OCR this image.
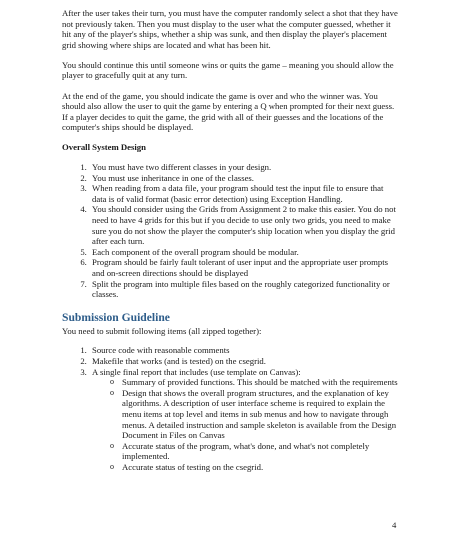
After the user takes their turn, you must have the computer randomly select a shot that they have not previously taken. Then you must display to the user what the computer guessed, whether it hit any of the player's ships, whether a ship was sunk, and then display the player's placement grid showing where ships are located and what has been hit.

You should continue this until someone wins or quits the game – meaning you should allow the player to gracefully quit at any turn.

At the end of the game, you should indicate the game is over and who the winner was. You should also allow the user to quit the game by entering a Q when prompted for their next guess. If a player decides to quit the game, the grid with all of their guesses and the locations of the computer's ships should be displayed.

Overall System Design
1. You must have two different classes in your design.
2. You must use inheritance in one of the classes.
3. When reading from a data file, your program should test the input file to ensure that data is of valid format (basic error detection) using Exception Handling.
4. You should consider using the Grids from Assignment 2 to make this easier. You do not need to have 4 grids for this but if you decide to use only two grids, you need to make sure you do not show the player the computer's ship location when you display the grid after each turn.
5. Each component of the overall program should be modular.
6. Program should be fairly fault tolerant of user input and the appropriate user prompts and on-screen directions should be displayed
7. Split the program into multiple files based on the roughly categorized functionality or classes.
Submission Guideline

You need to submit following items (all zipped together):

1. Source code with reasonable comments
2. Makefile that works (and is tested) on the csegrid.
3. A single final report that includes (use template on Canvas):
o Summary of provided functions. This should be matched with the requirements
o Design that shows the overall program structures, and the explanation of key algorithms. A description of user interface scheme is required to explain the menu items at top level and items in sub menus and how to navigate through menus. A detailed instruction and sample skeleton is available from the Design Document in Files on Canvas
o Accurate status of the program, what's done, and what's not completely implemented.
o Accurate status of testing on the csegrid.
4
